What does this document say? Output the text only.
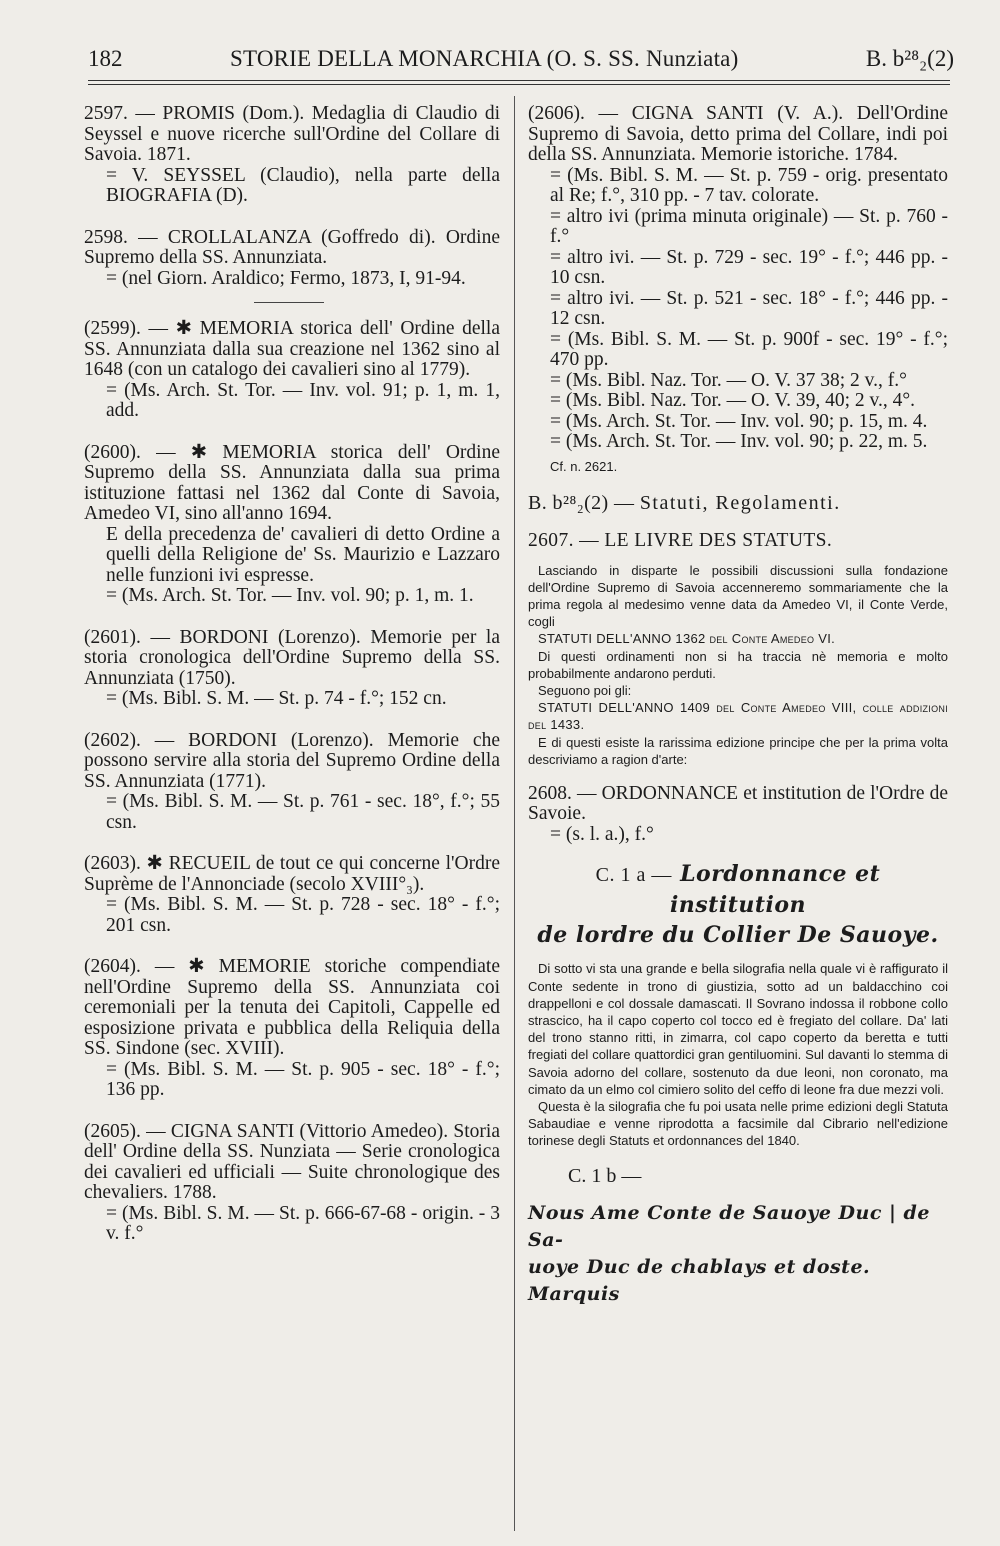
182	STORIE DELLA MONARCHIA (O. S. SS. Nunziata)	B. b²⁸₂(2)

2597. — PROMIS (Dom.). Medaglia di Claudio di Seyssel e nuove ricerche sull'Ordine del Collare di Savoia. 1871.

= V. SEYSSEL (Claudio), nella parte della BIOGRAFIA (D).

2598. — CROLLALANZA (Goffredo di). Ordine Supremo della SS. Annunziata.

= (nel Giorn. Araldico; Fermo, 1873, I, 91-94.

(2599). — ✱ MEMORIA storica dell' Ordine della SS. Annunziata dalla sua creazione nel 1362 sino al 1648 (con un catalogo dei cavalieri sino al 1779).

= (Ms. Arch. St. Tor. — Inv. vol. 91; p. 1, m. 1, add.

(2600). — ✱ MEMORIA storica dell' Ordine Supremo della SS. Annunziata dalla sua prima istituzione fattasi nel 1362 dal Conte di Savoia, Amedeo VI, sino all'anno 1694.

E della precedenza de' cavalieri di detto Ordine a quelli della Religione de' Ss. Maurizio e Lazzaro nelle funzioni ivi espresse.

= (Ms. Arch. St. Tor. — Inv. vol. 90; p. 1, m. 1.

(2601). — BORDONI (Lorenzo). Memorie per la storia cronologica dell'Ordine Supremo della SS. Annunziata (1750).

= (Ms. Bibl. S. M. — St. p. 74 - f.°; 152 cn.

(2602). — BORDONI (Lorenzo). Memorie che possono servire alla storia del Supremo Ordine della SS. Annunziata (1771).

= (Ms. Bibl. S. M. — St. p. 761 - sec. 18°, f.°; 55 csn.

(2603). ✱ RECUEIL de tout ce qui concerne l'Ordre Suprème de l'Annonciade (secolo XVIII°₃).

= (Ms. Bibl. S. M. — St. p. 728 - sec. 18° - f.°; 201 csn.

(2604). — ✱ MEMORIE storiche compendiate nell'Ordine Supremo della SS. Annunziata coi ceremoniali per la tenuta dei Capitoli, Cappelle ed esposizione privata e pubblica della Reliquia della SS. Sindone (sec. XVIII).

= (Ms. Bibl. S. M. — St. p. 905 - sec. 18° - f.°; 136 pp.

(2605). — CIGNA SANTI (Vittorio Amedeo). Storia dell' Ordine della SS. Nunziata — Serie cronologica dei cavalieri ed ufficiali — Suite chronologique des chevaliers. 1788.

= (Ms. Bibl. S. M. — St. p. 666-67-68 - origin. - 3 v. f.°

(2606). — CIGNA SANTI (V. A.). Dell'Ordine Supremo di Savoia, detto prima del Collare, indi poi della SS. Annunziata. Memorie istoriche. 1784.

= (Ms. Bibl. S. M. — St. p. 759 - orig. presentato al Re; f.°, 310 pp. - 7 tav. colorate.

= altro ivi (prima minuta originale) — St. p. 760 - f.°

= altro ivi. — St. p. 729 - sec. 19° - f.°; 446 pp. - 10 csn.

= altro ivi. — St. p. 521 - sec. 18° - f.°; 446 pp. - 12 csn.

= (Ms. Bibl. S. M. — St. p. 900f - sec. 19° - f.°; 470 pp.

= (Ms. Bibl. Naz. Tor. — O. V. 37 38; 2 v., f.°

= (Ms. Bibl. Naz. Tor. — O. V. 39, 40; 2 v., 4°.

= (Ms. Arch. St. Tor. — Inv. vol. 90; p. 15, m. 4.

= (Ms. Arch. St. Tor. — Inv. vol. 90; p. 22, m. 5.

Cf. n. 2621.
B. b²⁸₂(2) — Statuti, Regolamenti.

2607. — LE LIVRE DES STATUTS.

Lasciando in disparte le possibili discussioni sulla fondazione dell'Ordine Supremo di Savoia accenneremo sommariamente che la prima regola al medesimo venne data da Amedeo VI, il Conte Verde, cogli

STATUTI DELL'ANNO 1362 del Conte Amedeo VI.

Di questi ordinamenti non si ha traccia nè memoria e molto probabilmente andarono perduti.

Seguono poi gli:

STATUTI DELL'ANNO 1409 del Conte Amedeo VIII, colle addizioni del 1433.

E di questi esiste la rarissima edizione principe che per la prima volta descriviamo a ragion d'arte:

2608. — ORDONNANCE et institution de l'Ordre de Savoie.

= (s. l. a.), f.°

C. 1 a — Lordonnance et institution

de lordre du Collier De Sauoye.

Di sotto vi sta una grande e bella silografia nella quale vi è raffigurato il Conte sedente in trono di giustizia, sotto ad un baldacchino coi drappelloni e col dossale damascati. Il Sovrano indossa il robbone collo strascico, ha il capo coperto col tocco ed è fregiato del collare. Da' lati del trono stanno ritti, in zimarra, col capo coperto da beretta e tutti fregiati del collare quattordici gran gentiluomini. Sul davanti lo stemma di Savoia adorno del collare, sostenuto da due leoni, non coronato, ma cimato da un elmo col cimiero solito del ceffo di leone fra due mezzi voli.

Questa è la silografia che fu poi usata nelle prime edizioni degli Statuta Sabaudiae e venne riprodotta a facsimile dal Cibrario nell'edizione torinese degli Statuts et ordonnances del 1840.

C. 1 b —

Nous Ame Conte de Sauoye Duc | de Sa-

uoye Duc de chablays et doste. Marquis
